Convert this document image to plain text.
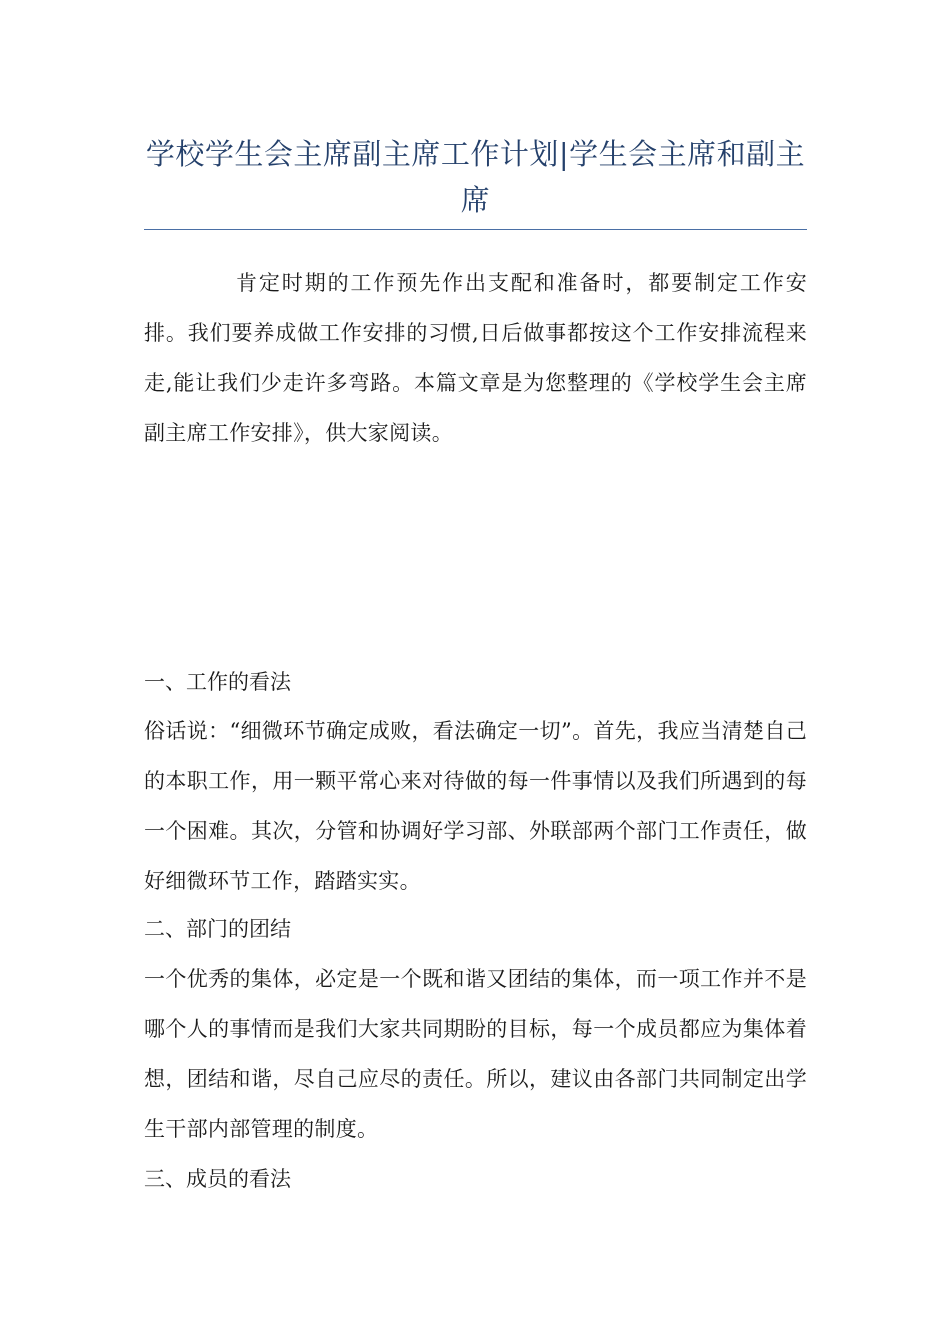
学校学生会主席副主席工作计划|学生会主席和副主席

肯定时期的工作预先作出支配和准备时，都要制定工作安排。我们要养成做工作安排的习惯,日后做事都按这个工作安排流程来走,能让我们少走许多弯路。本篇文章是为您整理的《学校学生会主席副主席工作安排》，供大家阅读。

一、工作的看法

俗话说：“细微环节确定成败，看法确定一切”。首先，我应当清楚自己的本职工作，用一颗平常心来对待做的每一件事情以及我们所遇到的每一个困难。其次，分管和协调好学习部、外联部两个部门工作责任，做好细微环节工作，踏踏实实。

二、部门的团结

一个优秀的集体，必定是一个既和谐又团结的集体，而一项工作并不是哪个人的事情而是我们大家共同期盼的目标，每一个成员都应为集体着想，团结和谐，尽自己应尽的责任。所以，建议由各部门共同制定出学生干部内部管理的制度。

三、成员的看法
